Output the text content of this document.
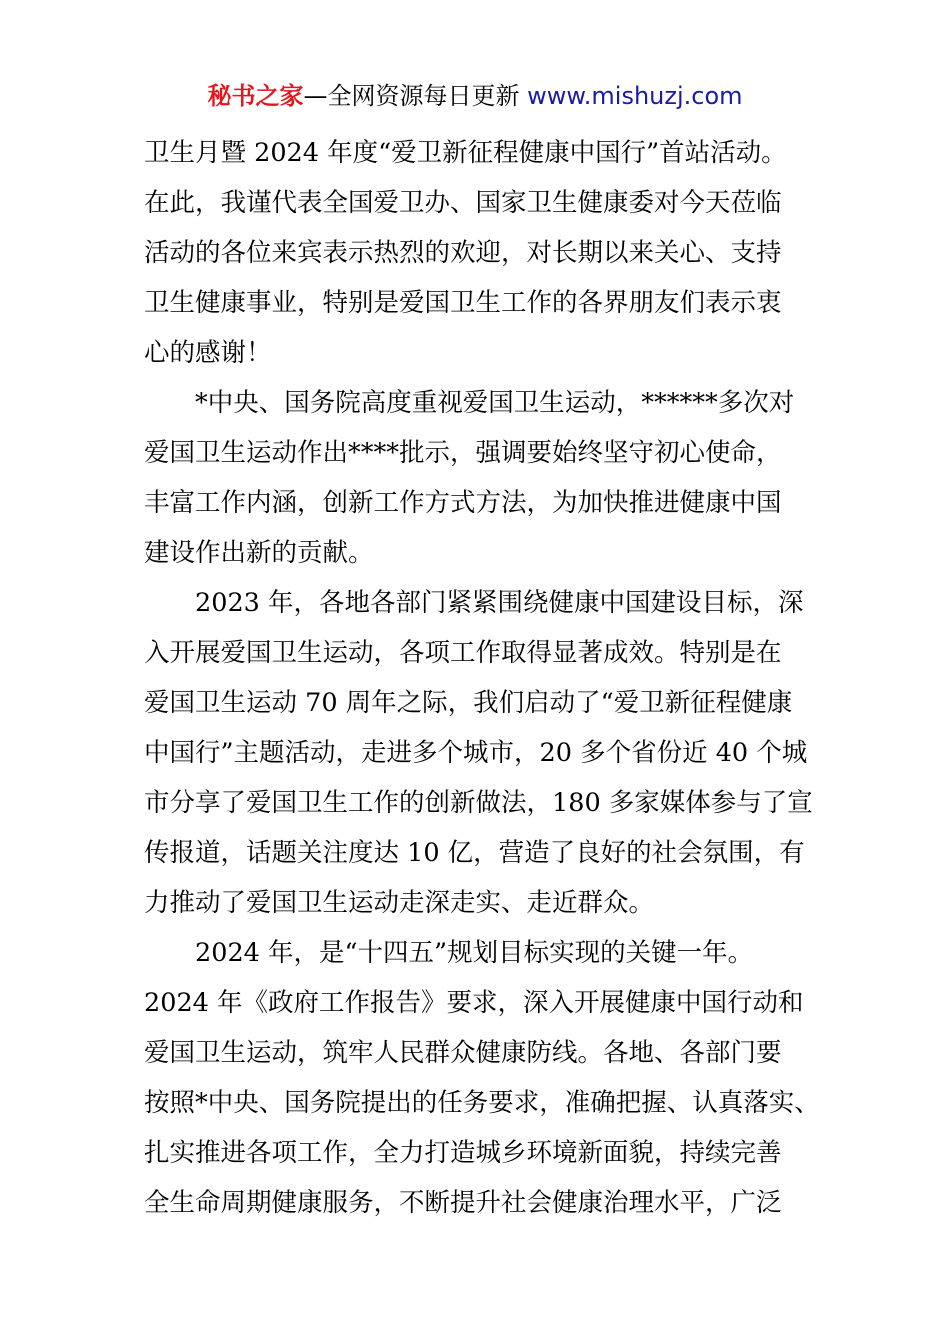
秘书之家—全网资源每日更新 www.mishuzj.com
卫生月暨 2024 年度“爱卫新征程健康中国行”首站活动。
在此，我谨代表全国爱卫办、国家卫生健康委对今天莅临
活动的各位来宾表示热烈的欢迎，对长期以来关心、支持
卫生健康事业，特别是爱国卫生工作的各界朋友们表示衷
心的感谢！
　　*中央、国务院高度重视爱国卫生运动，******多次对
爱国卫生运动作出****批示，强调要始终坚守初心使命，
丰富工作内涵，创新工作方式方法，为加快推进健康中国
建设作出新的贡献。
　　2023 年，各地各部门紧紧围绕健康中国建设目标，深
入开展爱国卫生运动，各项工作取得显著成效。特别是在
爱国卫生运动 70 周年之际，我们启动了“爱卫新征程健康
中国行”主题活动，走进多个城市，20 多个省份近 40 个城
市分享了爱国卫生工作的创新做法，180 多家媒体参与了宣
传报道，话题关注度达 10 亿，营造了良好的社会氛围，有
力推动了爱国卫生运动走深走实、走近群众。
　　2024 年，是“十四五”规划目标实现的关键一年。
2024 年《政府工作报告》要求，深入开展健康中国行动和
爱国卫生运动，筑牢人民群众健康防线。各地、各部门要
按照*中央、国务院提出的任务要求，准确把握、认真落实、
扎实推进各项工作，全力打造城乡环境新面貌，持续完善
全生命周期健康服务，不断提升社会健康治理水平，广泛
